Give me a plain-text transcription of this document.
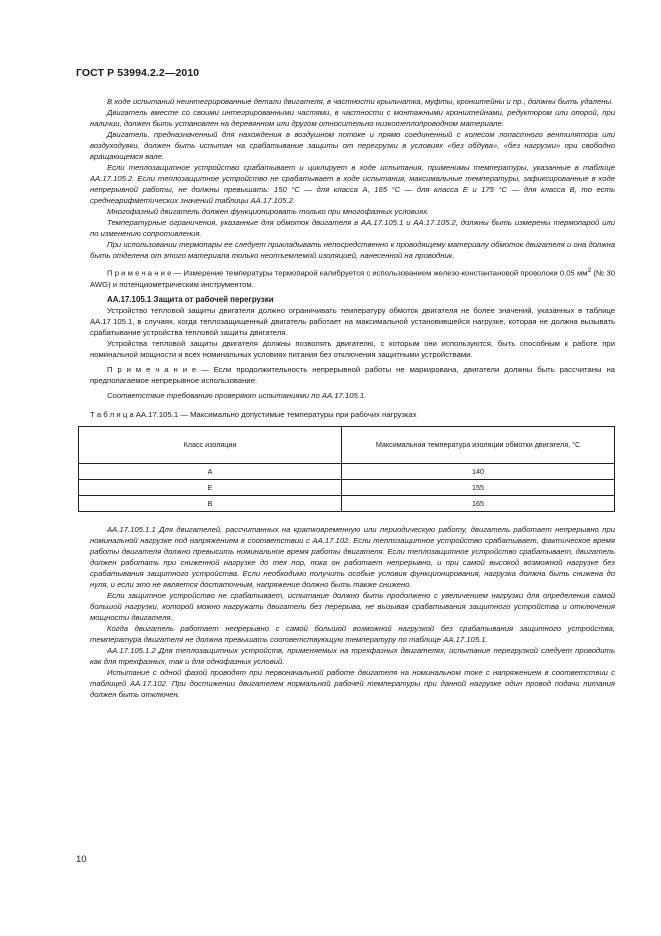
ГОСТ Р 53994.2.2—2010

В ходе испытаний неинтегрированные детали двигателя, в частности крыльчатка, муфты, кронштейны и пр., должны быть удалены.

Двигатель вместе со своими интегрированными частями, в частности с монтажными кронштейнами, редуктором или опорой, при наличии, должен быть установлен на деревянном или другом относительно низкотеплопроводном материале.

Двигатель, предназначенный для нахождения в воздушном потоке и прямо соединенный с колесом лопастного вентилятора или воздуходувки, должен быть испытан на срабатывание защиты от перегрузки в условиях «без обдува», «без нагрузки» при свободно вращающемся вале.

Если теплозащитное устройство срабатывает и циклирует в ходе испытания, применимы температуры, указанные в таблице АА.17.105.2. Если теплозащитное устройство не срабатывает в ходе испытания, максимальные температуры, зафиксированные в ходе непрерывной работы, не должны превышать: 150 °С — для класса А, 165 °С — для класса Е и 175 °С — для класса В, то есть среднеарифметических значений таблицы АА.17.105.2.

Многофазный двигатель должен функционировать только при многофазных условиях.

Температурные ограничения, указанные для обмоток двигателя в АА.17.105.1 и АА.17.105.2, должны быть измерены термопарой или по изменению сопротивления.

При использовании термопары ее следует прикладывать непосредственно к проводящему материалу обмоток двигателя и она должна быть отделена от этого материала только неотъемлемой изоляцией, нанесенной на проводник.

П р и м е ч а н и е — Измерение температуры термопарой калибруется с использованием железо-константановой проволоки 0,05 $мм^2$ (№ 30 AWG) и потенциометрическим инструментом.

АА.17.105.1 Защита от рабочей перегрузки

Устройство тепловой защиты двигателя должно ограничивать температуру обмоток двигателя не более значений, указанных в таблице АА.17.105.1, в случаях, когда теплозащищенный двигатель работает на максимальной установившейся нагрузке, которая не должна вызывать срабатывание устройства тепловой защиты двигателя.

Устройства тепловой защиты двигателя должны позволять двигателю, с которым они используются, быть способным к работе при номинальной мощности и всех номинальных условиях питания без отключения защитными устройствами.

П р и м е ч а н и е — Если продолжительность непрерывной работы не маркирована, двигатели должны быть рассчитаны на предполагаемое непрерывное использование.

Соответствие требованию проверяют испытаниями по АА.17.105.1.

Т а б л и ц а АА.17.105.1 — Максимально допустимые температуры при рабочих нагрузках

Класс изоляции	Максимальная температура изоляции обмотки двигателя, °С
А	140
Е	155
В	165

АА.17.105.1.1 Для двигателей, рассчитанных на кратковременную или периодическую работу, двигатель работает непрерывно при номинальной нагрузке под напряжением в соответствии с АА.17.102. Если теплозащитное устройство срабатывает, фактическое время работы двигателя должно превысить номинальное время работы двигателя. Если теплозащитное устройство срабатывает, двигатель должен работать при сниженной нагрузке до тех пор, пока он работает непрерывно, и при самой высокой возможной нагрузке без срабатывания защитного устройства. Если необходимо получить особые условия функционирования, нагрузка должна быть снижена до нуля, и если это не является достаточным, напряжение должно быть также снижено.

Если защитное устройство не срабатывает, испытание должно быть продолжено с увеличением нагрузки для определения самой большой нагрузки, которой можно нагружать двигатель без перерыва, не вызывая срабатывания защитного устройства и отключения мощности двигателя.

Когда двигатель работает непрерывно с самой большой возможной нагрузкой без срабатывания защитного устройства, температура двигателя не должна превышать соответствующую температуру по таблице АА.17.105.1.

АА.17.105.1.2 Для теплозащитных устройств, применяемых на трехфазных двигателях, испытание перегрузкой следует проводить как для трехфазных, так и для однофазных условий.

Испытание с одной фазой проводят при первоначальной работе двигателя на номинальном токе с напряжением в соответствии с таблицей АА.17.102. При достижении двигателем нормальной рабочей температуры при данной нагрузке один провод подачи питания должен быть отключен.

10
